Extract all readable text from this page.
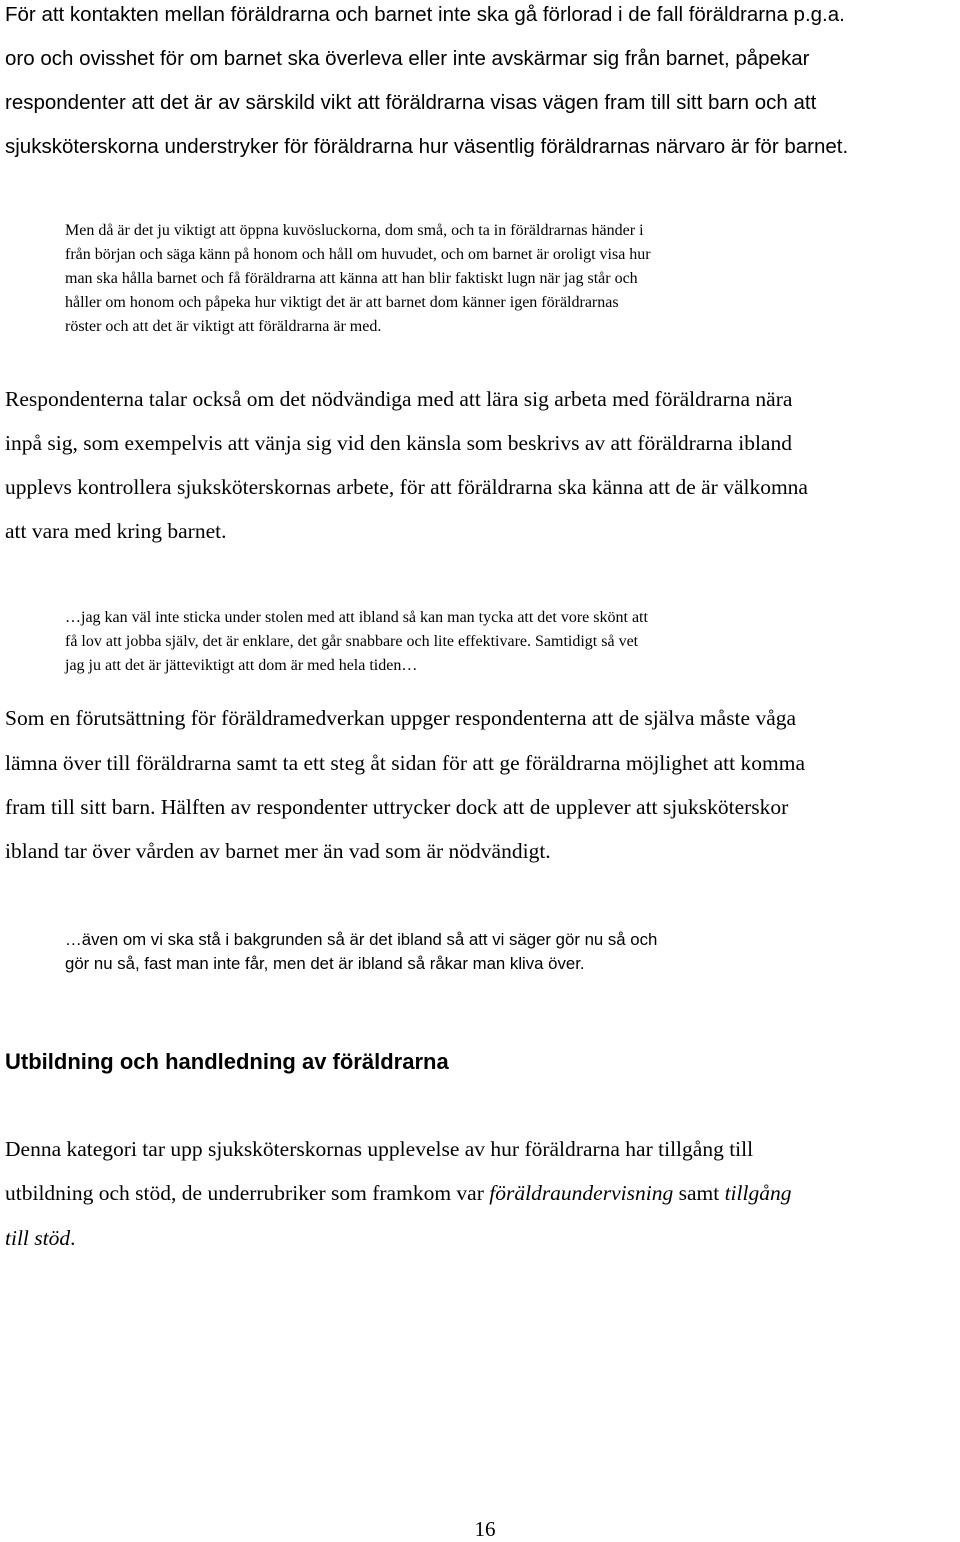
För att kontakten mellan föräldrarna och barnet inte ska gå förlorad i de fall föräldrarna p.g.a.

oro och ovisshet för om barnet ska överleva eller inte avskärmar sig från barnet, påpekar

respondenter att det är av särskild vikt att föräldrarna visas vägen fram till sitt barn och att

sjuksköterskorna understryker för föräldrarna hur väsentlig föräldrarnas närvaro är för barnet.

Men då är det ju viktigt att öppna kuvösluckorna, dom små, och ta in föräldrarnas händer i

från början och säga känn på honom och håll om huvudet, och om barnet är oroligt visa hur

man ska hålla barnet och få föräldrarna att känna att han blir faktiskt lugn när jag står och

håller om honom och påpeka hur viktigt det är att barnet dom känner igen föräldrarnas

röster och att det är viktigt att föräldrarna är med.

Respondenterna talar också om det nödvändiga med att lära sig arbeta med föräldrarna nära

inpå sig, som exempelvis att vänja sig vid den känsla som beskrivs av att föräldrarna ibland

upplevs kontrollera sjuksköterskornas arbete, för att föräldrarna ska känna att de är välkomna

att vara med kring barnet.

…jag kan väl inte sticka under stolen med att ibland så kan man tycka att det vore skönt att

få lov att jobba själv, det är enklare, det går snabbare och lite effektivare. Samtidigt så vet

jag ju att det är jätteviktigt att dom är med hela tiden…

Som en förutsättning för föräldramedverkan uppger respondenterna att de själva måste våga

lämna över till föräldrarna samt ta ett steg åt sidan för att ge föräldrarna möjlighet att komma

fram till sitt barn. Hälften av respondenter uttrycker dock att de upplever att sjuksköterskor

ibland tar över vården av barnet mer än vad som är nödvändigt.

…även om vi ska stå i bakgrunden så är det ibland så att vi säger gör nu så och

gör nu så, fast man inte får, men det är ibland så råkar man kliva över.

Utbildning och handledning av föräldrarna

Denna kategori tar upp sjuksköterskornas upplevelse av hur föräldrarna har tillgång till

utbildning och stöd, de underrubriker som framkom var föräldraundervisning samt tillgång

till stöd.

16
